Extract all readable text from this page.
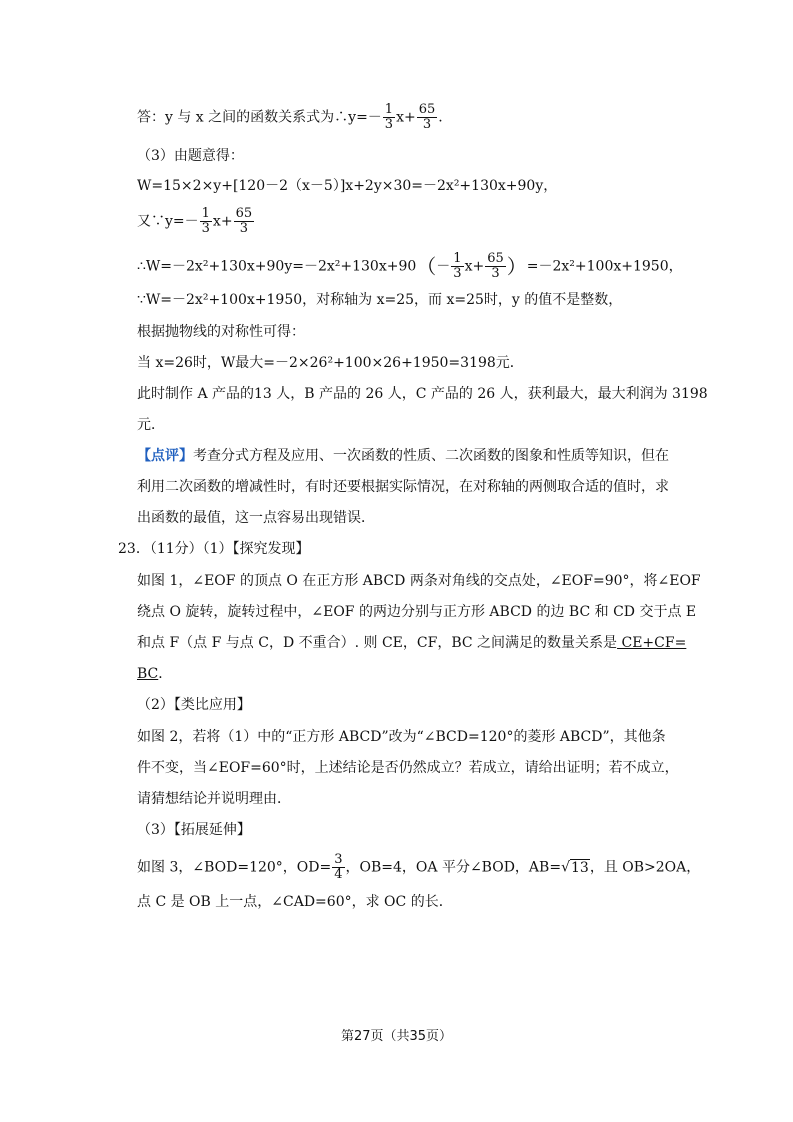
答：y 与 x 之间的函数关系式为∴y=－ $\frac{1}{3} x+ \frac{65}{3}$ .
（3）由题意得：
W=15×2×y+[120－2（x－5）]x+2y×30=－2x²+130x+90y，
又∵y=－ $\frac{1}{3} x+ \frac{65}{3}$
∴W=－2x²+130x+90y=－2x²+130x+90（－ $\frac{1}{3} x+ \frac{65}{3} )=-2x^2+100x+1950$，
∵W=－2x²+100x+1950，对称轴为 x=25，而 x=25时，y 的值不是整数，
根据抛物线的对称性可得：
当 x=26时，W最大=－2×26²+100×26+1950=3198元．
此时制作 A 产品的13 人，B 产品的 26 人，C 产品的 26 人，获利最大，最大利润为 3198
元．
【点评】考查分式方程及应用、一次函数的性质、二次函数的图象和性质等知识，但在
利用二次函数的增减性时，有时还要根据实际情况，在对称轴的两侧取合适的值时，求
出函数的最值，这一点容易出现错误．
23．（11分）（1）【探究发现】
如图 1，∠EOF 的顶点 O 在正方形 ABCD 两条对角线的交点处，∠EOF=90°，将∠EOF
绕点 O 旋转，旋转过程中，∠EOF 的两边分别与正方形 ABCD 的边 BC 和 CD 交于点 E
和点 F（点 F 与点 C，D 不重合）. 则 CE，CF，BC 之间满足的数量关系是 CE+CF=
BC．
（2）【类比应用】
如图 2，若将（1）中的“正方形 ABCD”改为“∠BCD=120°的菱形 ABCD”，其他条
件不变，当∠EOF=60°时，上述结论是否仍然成立？若成立，请给出证明；若不成立，
请猜想结论并说明理由．
（3）【拓展延伸】
如图 3，∠BOD=120°，$OD= \frac{3}{4}$ ，OB=4，OA 平分∠BOD，AB=√13，且 OB>2OA，
点 C 是 OB 上一点，∠CAD=60°，求 OC 的长．
第27页（共35页）
